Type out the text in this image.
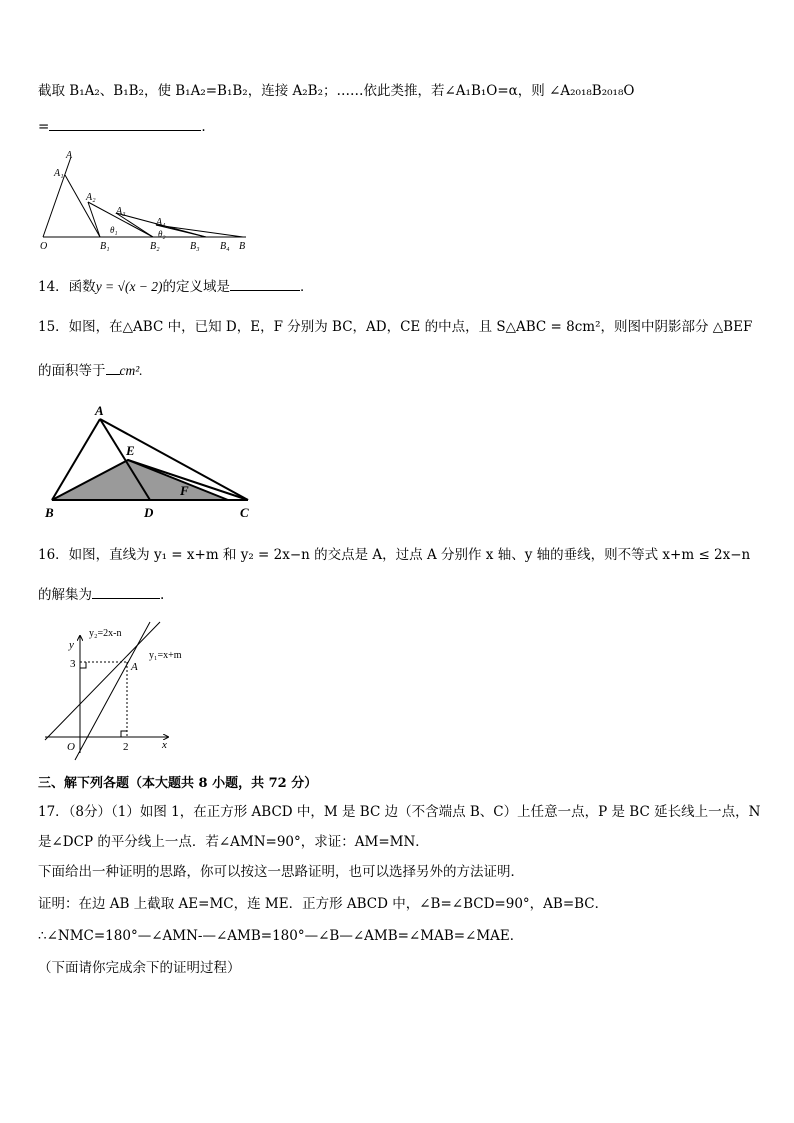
截取 B₁A₂、B₁B₂，使 B₁A₂=B₁B₂，连接 A₂B₂；……依此类推，若∠A₁B₁O=α，则 ∠A₂₀₁₈B₂₀₁₈O
=	.
A
A₁
A₂
A₃
A₄
θ₁	θ₂
O	B₁	B₂	B₃ B₄ B
14．函数y = √(x − 2)的定义域是	．
15．如图，在△ABC 中，已知 D，E，F 分别为 BC，AD，CE 的中点，且 S△ABC = 8cm²，则图中阴影部分 △BEF
的面积等于 cm².
A
B	C
D
E
F
16．如图，直线为 y₁ = x+m 和 y₂ = 2x−n 的交点是 A，过点 A 分别作 x 轴、y 轴的垂线，则不等式 x+m ≤ 2x−n
的解集为	.
y
x
O
y₂=2x-n
y₁=x+m
A
3
2
三、解下列各题（本大题共 8 小题，共 72 分）
17．（8分）（1）如图 1，在正方形 ABCD 中，M 是 BC 边（不含端点 B、C）上任意一点，P 是 BC 延长线上一点，N
是∠DCP 的平分线上一点．若∠AMN=90°，求证：AM=MN．
下面给出一种证明的思路，你可以按这一思路证明，也可以选择另外的方法证明．
证明：在边 AB 上截取 AE=MC，连 ME．正方形 ABCD 中，∠B=∠BCD=90°，AB=BC．
∴∠NMC=180°—∠AMN-—∠AMB=180°—∠B—∠AMB=∠MAB=∠MAE．
（下面请你完成余下的证明过程）
